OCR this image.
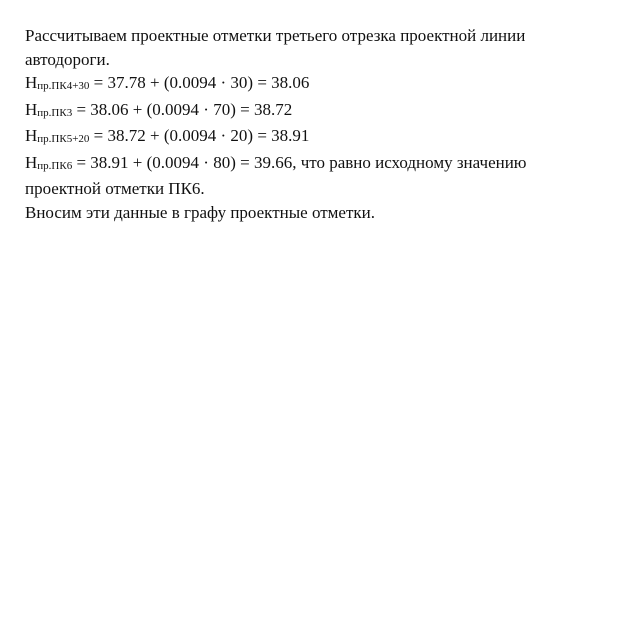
Рассчитываем проектные отметки третьего отрезка проектной линии
автодороги.
Hпр.ПК4+30 = 37.78 + (0.0094 · 30) = 38.06
Hпр.ПК3 = 38.06 + (0.0094 · 70) = 38.72
Hпр.ПК5+20 = 38.72 + (0.0094 · 20) = 38.91
Hпр.ПК6 = 38.91 + (0.0094 · 80) = 39.66, что равно исходному значению
проектной отметки ПК6.
Вносим эти данные в графу проектные отметки.
